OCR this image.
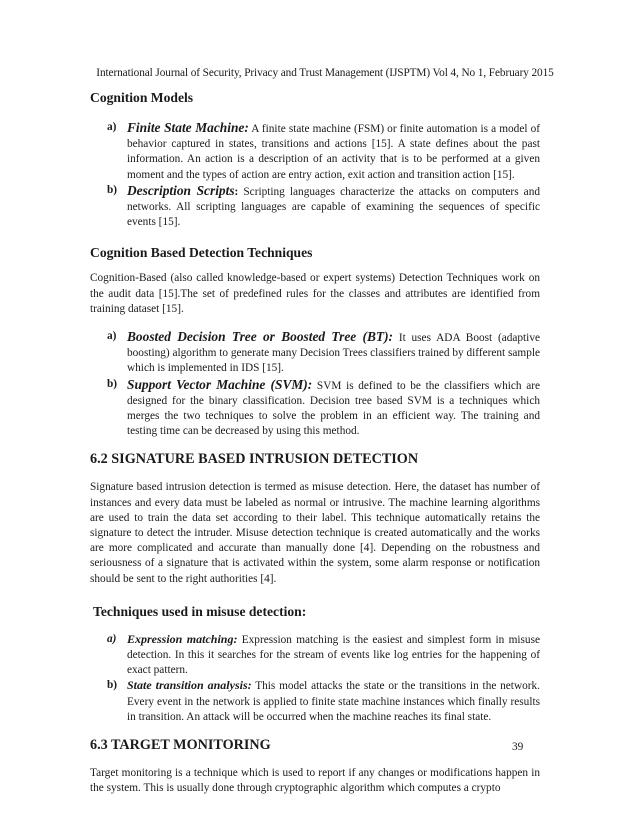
International Journal of Security, Privacy and Trust Management (IJSPTM) Vol 4, No 1, February 2015
Cognition Models
a) Finite State Machine: A finite state machine (FSM) or finite automation is a model of behavior captured in states, transitions and actions [15]. A state defines about the past information. An action is a description of an activity that is to be performed at a given moment and the types of action are entry action, exit action and transition action [15].
b) Description Scripts: Scripting languages characterize the attacks on computers and networks. All scripting languages are capable of examining the sequences of specific events [15].
Cognition Based Detection Techniques

Cognition-Based (also called knowledge-based or expert systems) Detection Techniques work on the audit data [15].The set of predefined rules for the classes and attributes are identified from training dataset [15].

a) Boosted Decision Tree or Boosted Tree (BT): It uses ADA Boost (adaptive boosting) algorithm to generate many Decision Trees classifiers trained by different sample which is implemented in IDS [15].
b) Support Vector Machine (SVM): SVM is defined to be the classifiers which are designed for the binary classification. Decision tree based SVM is a techniques which merges the two techniques to solve the problem in an efficient way. The training and testing time can be decreased by using this method.
6.2 SIGNATURE BASED INTRUSION DETECTION

Signature based intrusion detection is termed as misuse detection. Here, the dataset has number of instances and every data must be labeled as normal or intrusive. The machine learning algorithms are used to train the data set according to their label. This technique automatically retains the signature to detect the intruder. Misuse detection technique is created automatically and the works are more complicated and accurate than manually done [4]. Depending on the robustness and seriousness of a signature that is activated within the system, some alarm response or notification should be sent to the right authorities [4].

Techniques used in misuse detection:
a) Expression matching: Expression matching is the easiest and simplest form in misuse detection. In this it searches for the stream of events like log entries for the happening of exact pattern.
b) State transition analysis: This model attacks the state or the transitions in the network. Every event in the network is applied to finite state machine instances which finally results in transition. An attack will be occurred when the machine reaches its final state.
6.3 TARGET MONITORING

Target monitoring is a technique which is used to report if any changes or modifications happen in the system. This is usually done through cryptographic algorithm which computes a crypto

39
